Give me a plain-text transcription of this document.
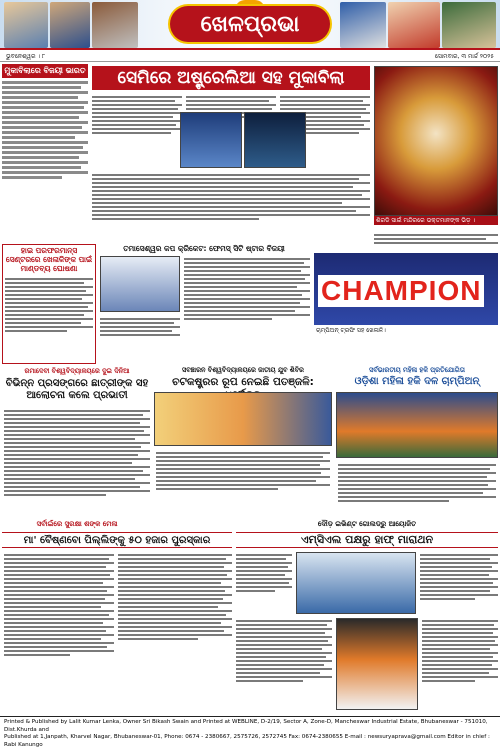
ଖେଳପ୍ରଭା
ଭୁବନେଶ୍ୱର । ୮	ସୋମବାର, ୩ ମାର୍ଚ୍ଚ ୨୦୨୫
ମୁକାବିଲାରେ ବିଜୟୀ ଭାରତ	ସେମିରେ ଅଷ୍ଟ୍ରେଲିଆ ସହ ମୁକାବିଲା
ଶିରଡି ସାଇଁ ମନ୍ଦିରରେ ଭକ୍ତମାନଙ୍କ ଭିଡ଼ ।
ହାଇ ପରଫରମାନ୍ସ ସେଣ୍ଟରରେ ଖେଳାଳିଙ୍କ ପାଇଁ ମାଣ୍ଡବ୍ୟ ଘୋଷଣା
ତମାସେଶ୍ୱର କପ କ୍ରିକେଟ: ଫେମସ୍ ସିଟି ଷ୍ଟାର ବିଜୟୀ
CHAMPION
ଚାମ୍ପିଅନ୍ ଟ୍ରଫି ସହ ଖେଳାଳି।
ରମାଦେବୀ ବିଶ୍ୱବିଦ୍ୟାଳୟରେ ଦୁଇ ଦିନିଆ
ବିଭିନ୍ନ ପ୍ରସଙ୍ଗରେ ଛାତ୍ରୀଙ୍କ ସହ ଆଲୋଚନା କଲେ ପ୍ରଭାତୀ
ସବଞ୍ଚାରନ ବିଶ୍ୱବିଦ୍ୟାଳୟରେ ଜାତୀୟ ଯୁବ ଶିବିର
ଚଟକଷ୍ଟ୍ରର ରୂପ ନେଇଛି ପତଞ୍ଜଳି:
ସର୍ବଭାରତୀୟ ମହିଳା ହକି ପ୍ରତିଯୋଗିତା
ଓଡ଼ିଶା ମହିଳା ହକି ଦଳ ଚାମ୍ପିଅନ୍
ସର୍ବାଇଁରେ ସୁରକ୍ଷା ଶଙ୍କ ମେଳା
ମା' ବୈଷ୍ଣବୋ ପିଲ୍ଲିଙ୍କୁ ୫୦ ହଜାର ପୁରସ୍କାର
ଦୌଡ଼ ଇଭିଣ୍ଟ ଗୋଲଡ୍ରୁ ଆୟୋଜିତ
ଏମ୍‌ସିଏଲ ପକ୍ଷରୁ ହାଫ୍ ମାରାଥନ
Printed & Published by Lalit Kumar Lenka, Owner Sri Bikash Swain and Printed at WEBLINE, D-2/19, Sector A, Zone-D, Mancheswar Industrial Estate, Bhubaneswar - 751010, Dist.Khurda and
Published at 1,Janpath, Kharvel Nagar, Bhubaneswar-01, Phone: 0674 - 2380667, 2575726, 2572745 Fax: 0674-2380655 E-mail : newsuryaprava@gmail.com Editor in chief : Rabi Kanungo
